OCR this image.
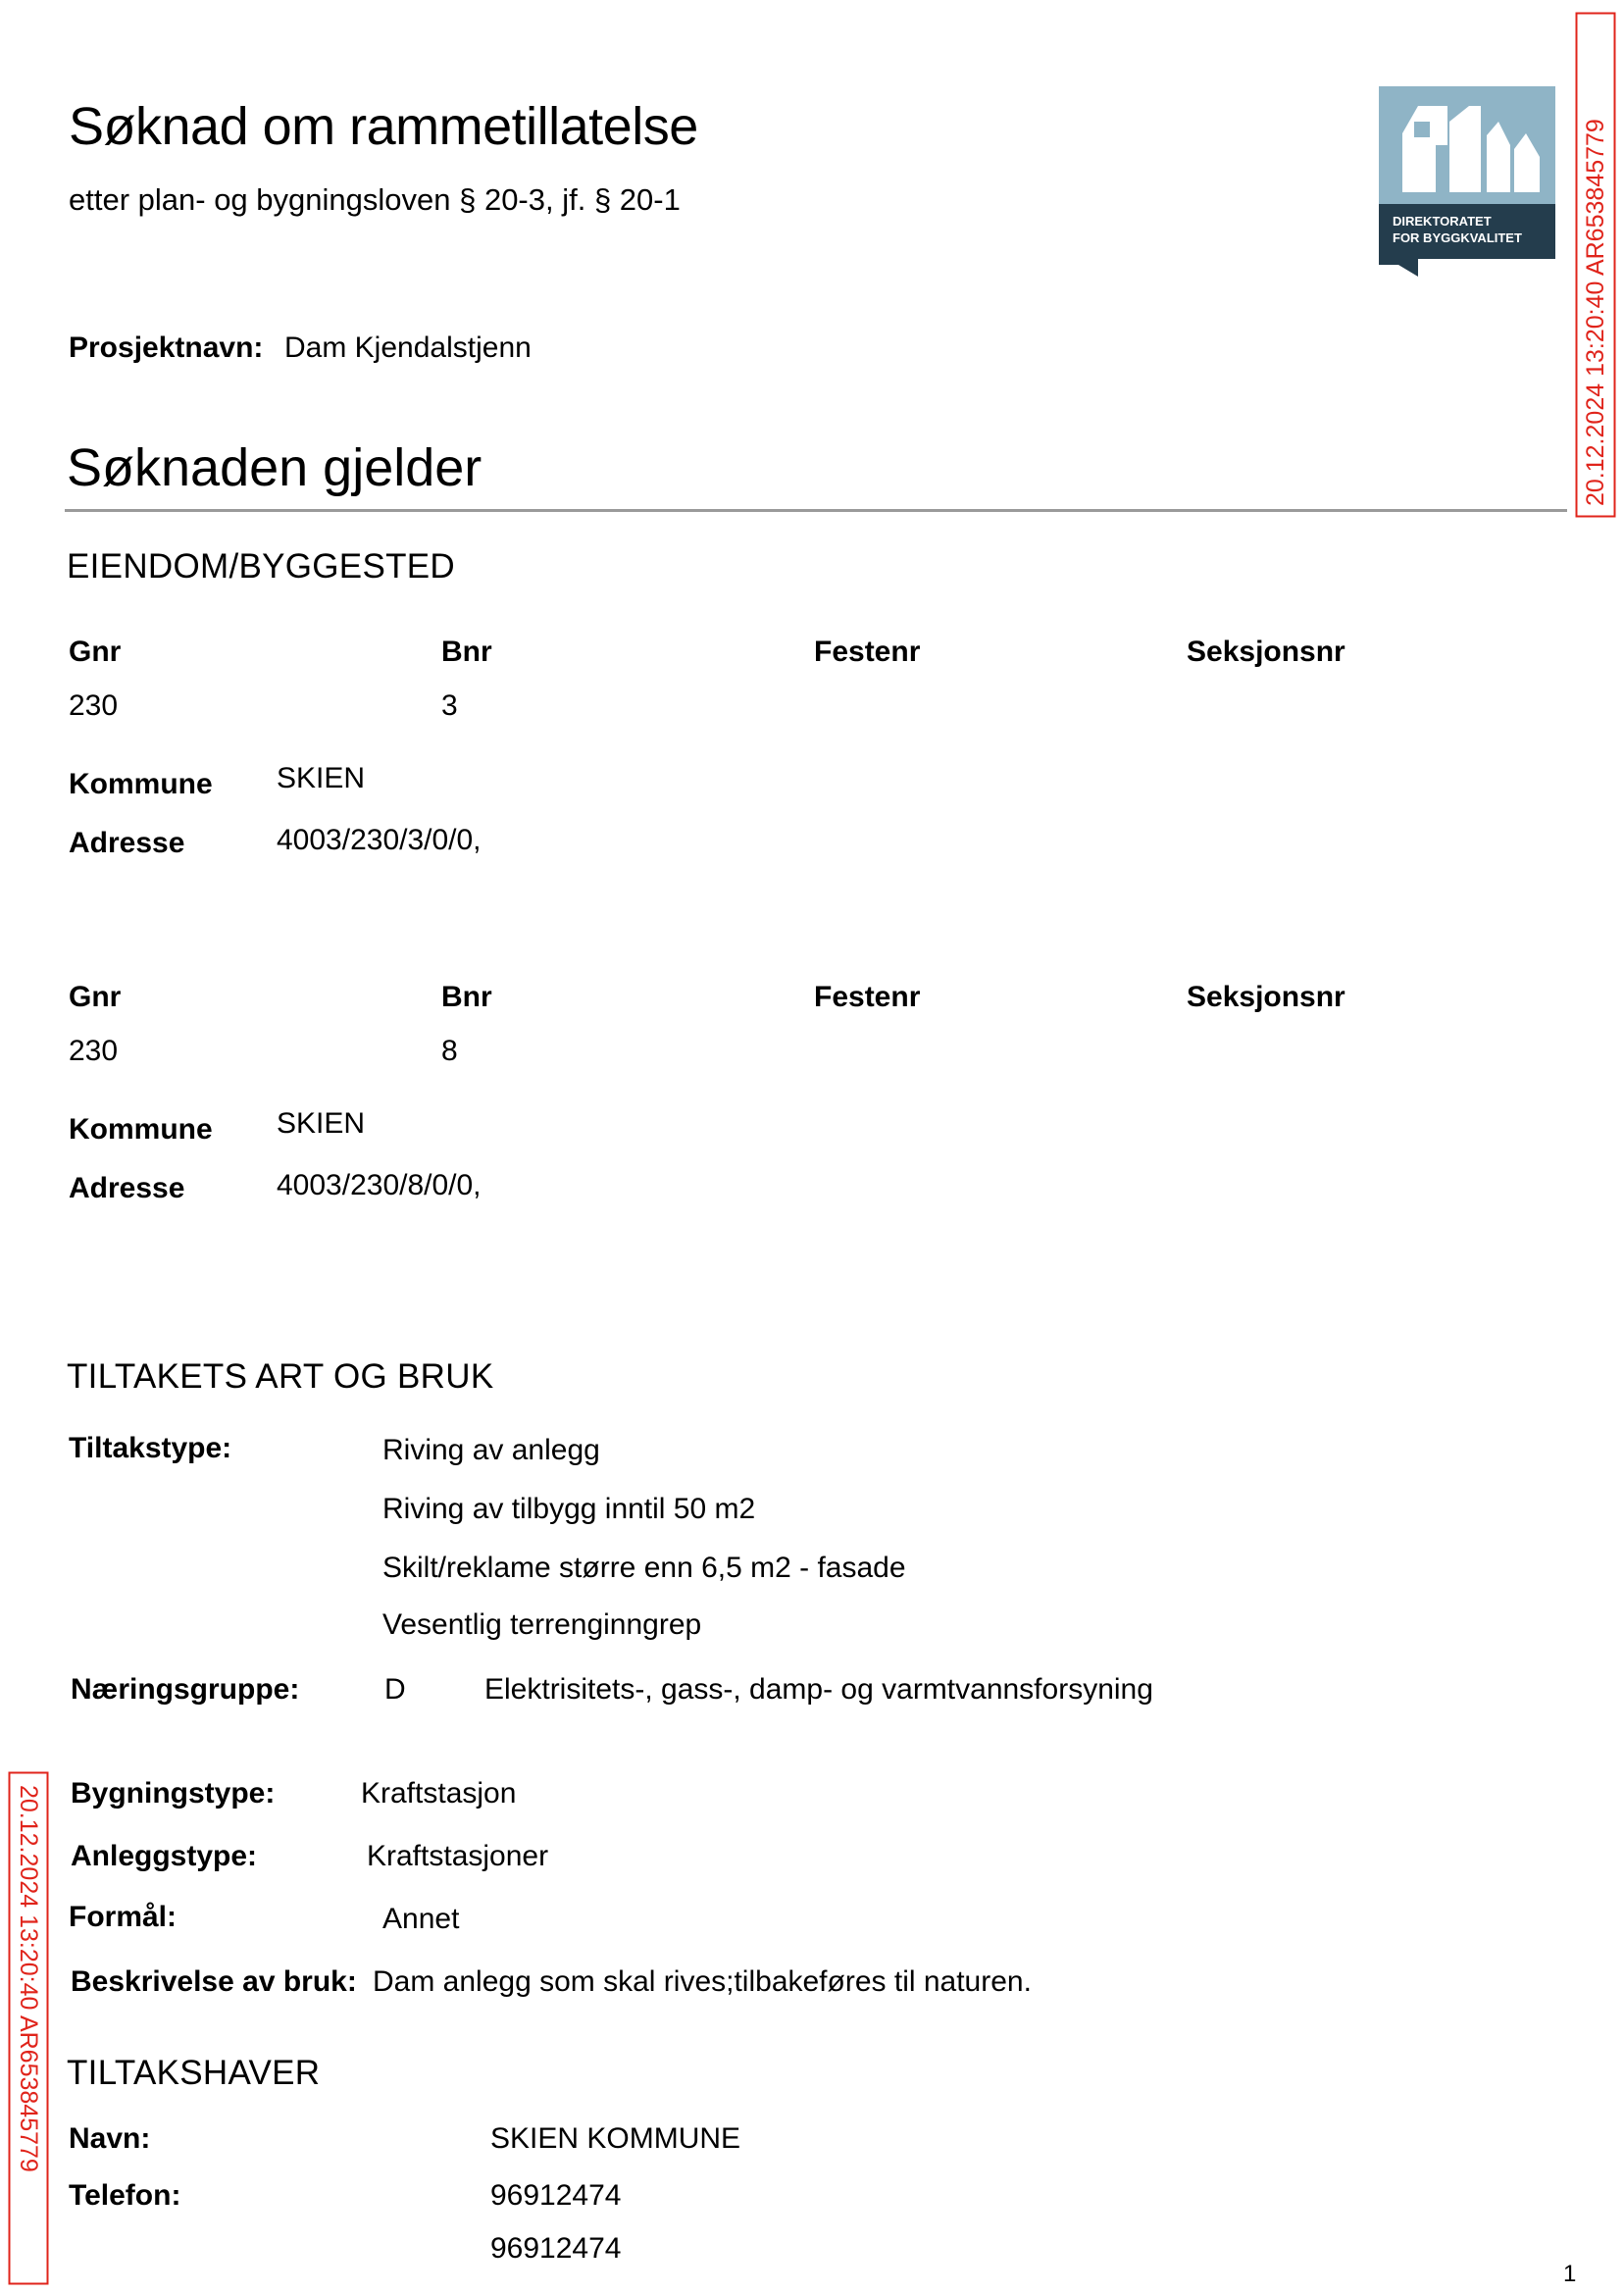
Søknad om rammetillatelse
etter plan- og bygningsloven § 20-3, jf. § 20-1
DIREKTORATET
FOR BYGGKVALITET 20.12.2024 13:20:40 AR653845779
20.12.2024 13:20:40 AR653845779
Prosjektnavn: Dam Kjendalstjenn
Søknaden gjelder
EIENDOM/BYGGESTED
Gnr	Bnr	Festenr	Seksjonsnr
230	3
Kommune SKIEN
Adresse	4003/230/3/0/0,
Gnr	Bnr	Festenr	Seksjonsnr
230	8
Kommune SKIEN
Adresse	4003/230/8/0/0,
TILTAKETS ART OG BRUK
Tiltakstype:	Riving av anlegg
Riving av tilbygg inntil 50 m2
Skilt/reklame større enn 6,5 m2 - fasade
Vesentlig terrenginngrep
Næringsgruppe:	D	Elektrisitets-, gass-, damp- og varmtvannsforsyning
Bygningstype:	Kraftstasjon
Anleggstype:	Kraftstasjoner
Formål:	Annet
Beskrivelse av bruk: Dam anlegg som skal rives;tilbakeføres til naturen.
TILTAKSHAVER
Navn:	SKIEN KOMMUNE
Telefon:	96912474
96912474
1
